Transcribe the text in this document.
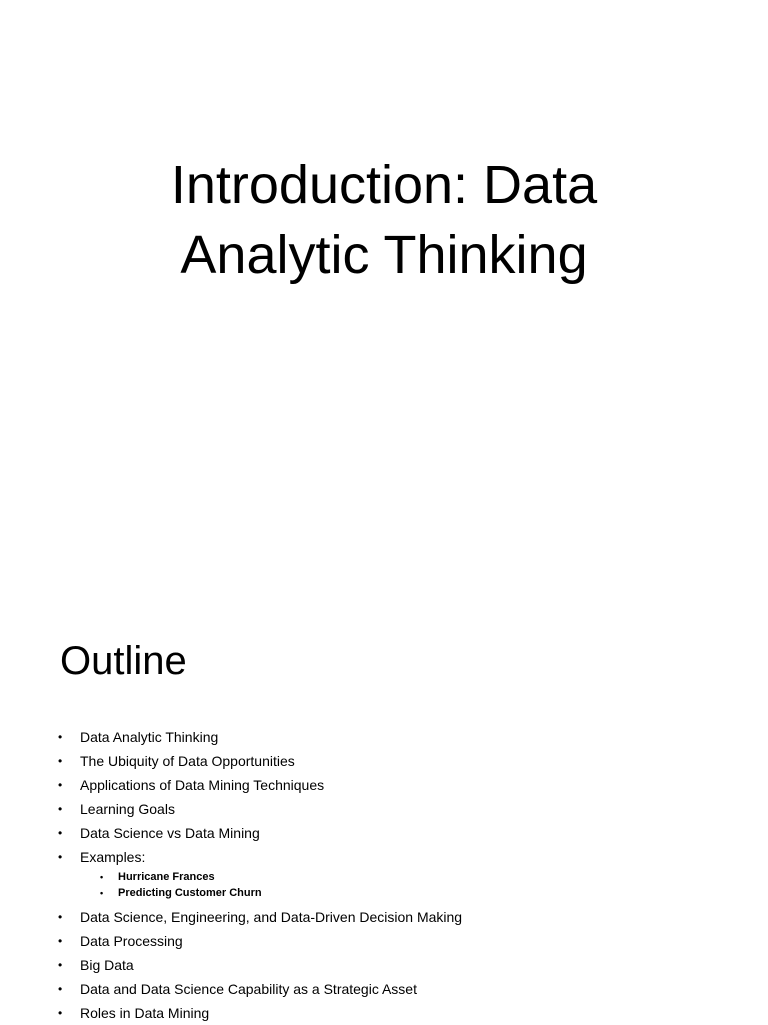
Introduction: Data
Analytic Thinking
Outline
•	Data Analytic Thinking
•	The Ubiquity of Data Opportunities
•	Applications of Data Mining Techniques
•	Learning Goals
•	Data Science vs Data Mining
•	Examples:
• Hurricane Frances
• Predicting Customer Churn
•	Data Science, Engineering, and Data-Driven Decision Making
•	Data Processing
•	Big Data
•	Data and Data Science Capability as a Strategic Asset
•	Roles in Data Mining
